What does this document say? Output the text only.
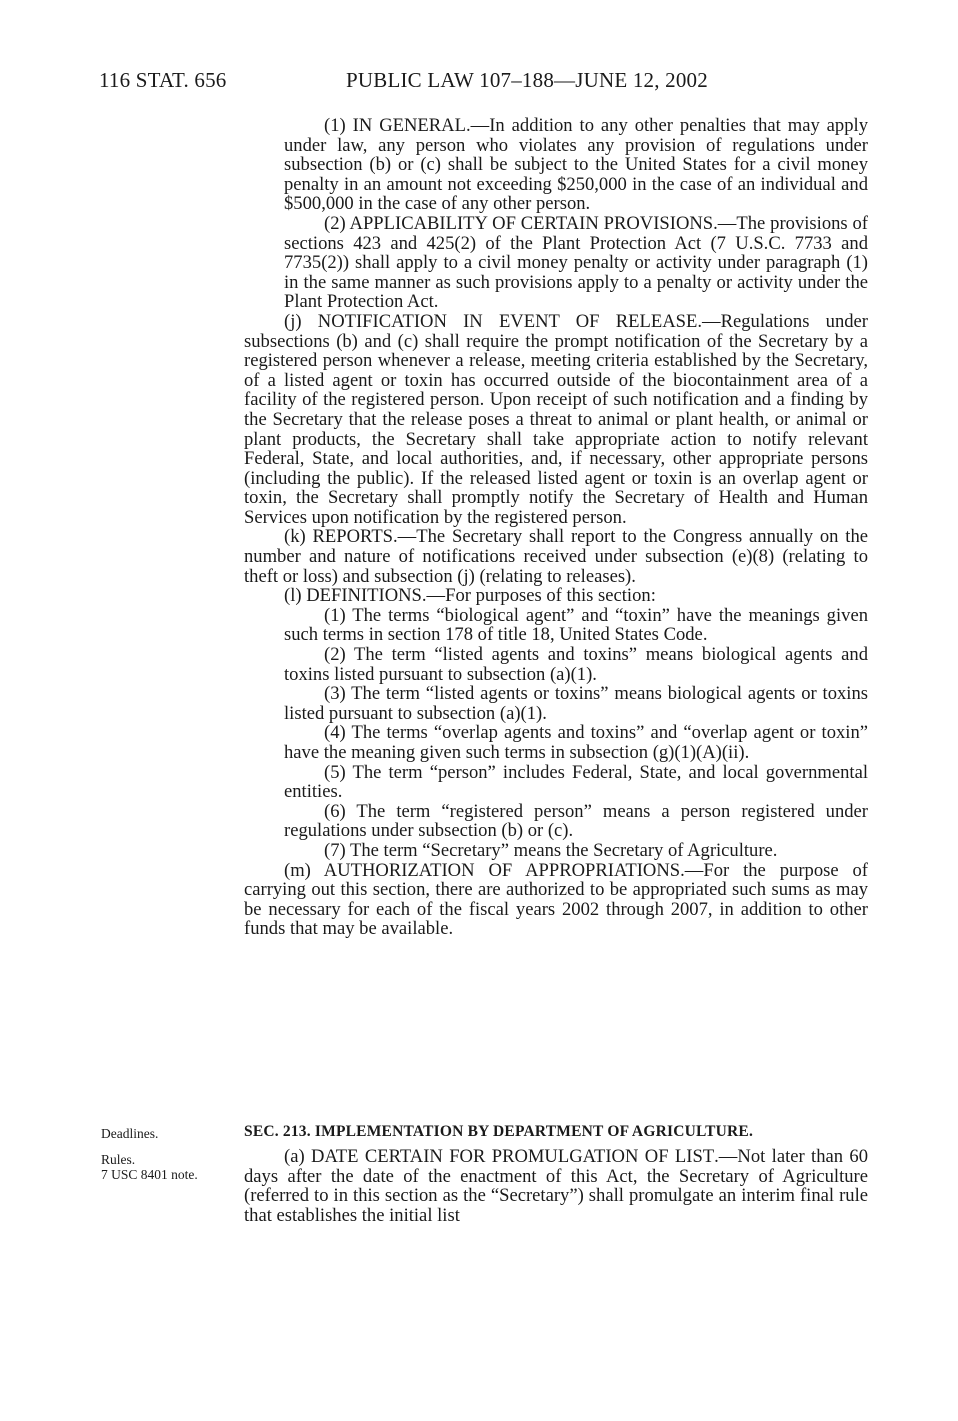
116 STAT. 656	PUBLIC LAW 107–188—JUNE 12, 2002

(1) IN GENERAL.—In addition to any other penalties that may apply under law, any person who violates any provision of regulations under subsection (b) or (c) shall be subject to the United States for a civil money penalty in an amount not exceeding $250,000 in the case of an individual and $500,000 in the case of any other person.

(2) APPLICABILITY OF CERTAIN PROVISIONS.—The provisions of sections 423 and 425(2) of the Plant Protection Act (7 U.S.C. 7733 and 7735(2)) shall apply to a civil money penalty or activity under paragraph (1) in the same manner as such provisions apply to a penalty or activity under the Plant Protection Act.

(j) NOTIFICATION IN EVENT OF RELEASE.—Regulations under subsections (b) and (c) shall require the prompt notification of the Secretary by a registered person whenever a release, meeting criteria established by the Secretary, of a listed agent or toxin has occurred outside of the biocontainment area of a facility of the registered person. Upon receipt of such notification and a finding by the Secretary that the release poses a threat to animal or plant health, or animal or plant products, the Secretary shall take appropriate action to notify relevant Federal, State, and local authorities, and, if necessary, other appropriate persons (including the public). If the released listed agent or toxin is an overlap agent or toxin, the Secretary shall promptly notify the Secretary of Health and Human Services upon notification by the registered person.

(k) REPORTS.—The Secretary shall report to the Congress annually on the number and nature of notifications received under subsection (e)(8) (relating to theft or loss) and subsection (j) (relating to releases).

(l) DEFINITIONS.—For purposes of this section:

(1) The terms “biological agent” and “toxin” have the meanings given such terms in section 178 of title 18, United States Code.

(2) The term “listed agents and toxins” means biological agents and toxins listed pursuant to subsection (a)(1).

(3) The term “listed agents or toxins” means biological agents or toxins listed pursuant to subsection (a)(1).

(4) The terms “overlap agents and toxins” and “overlap agent or toxin” have the meaning given such terms in subsection (g)(1)(A)(ii).

(5) The term “person” includes Federal, State, and local governmental entities.

(6) The term “registered person” means a person registered under regulations under subsection (b) or (c).

(7) The term “Secretary” means the Secretary of Agriculture.

(m) AUTHORIZATION OF APPROPRIATIONS.—For the purpose of carrying out this section, there are authorized to be appropriated such sums as may be necessary for each of the fiscal years 2002 through 2007, in addition to other funds that may be available.

Deadlines.
Rules.
7 USC 8401 note.
SEC. 213. IMPLEMENTATION BY DEPARTMENT OF AGRICULTURE.

(a) DATE CERTAIN FOR PROMULGATION OF LIST.—Not later than 60 days after the date of the enactment of this Act, the Secretary of Agriculture (referred to in this section as the “Secretary”) shall promulgate an interim final rule that establishes the initial list
